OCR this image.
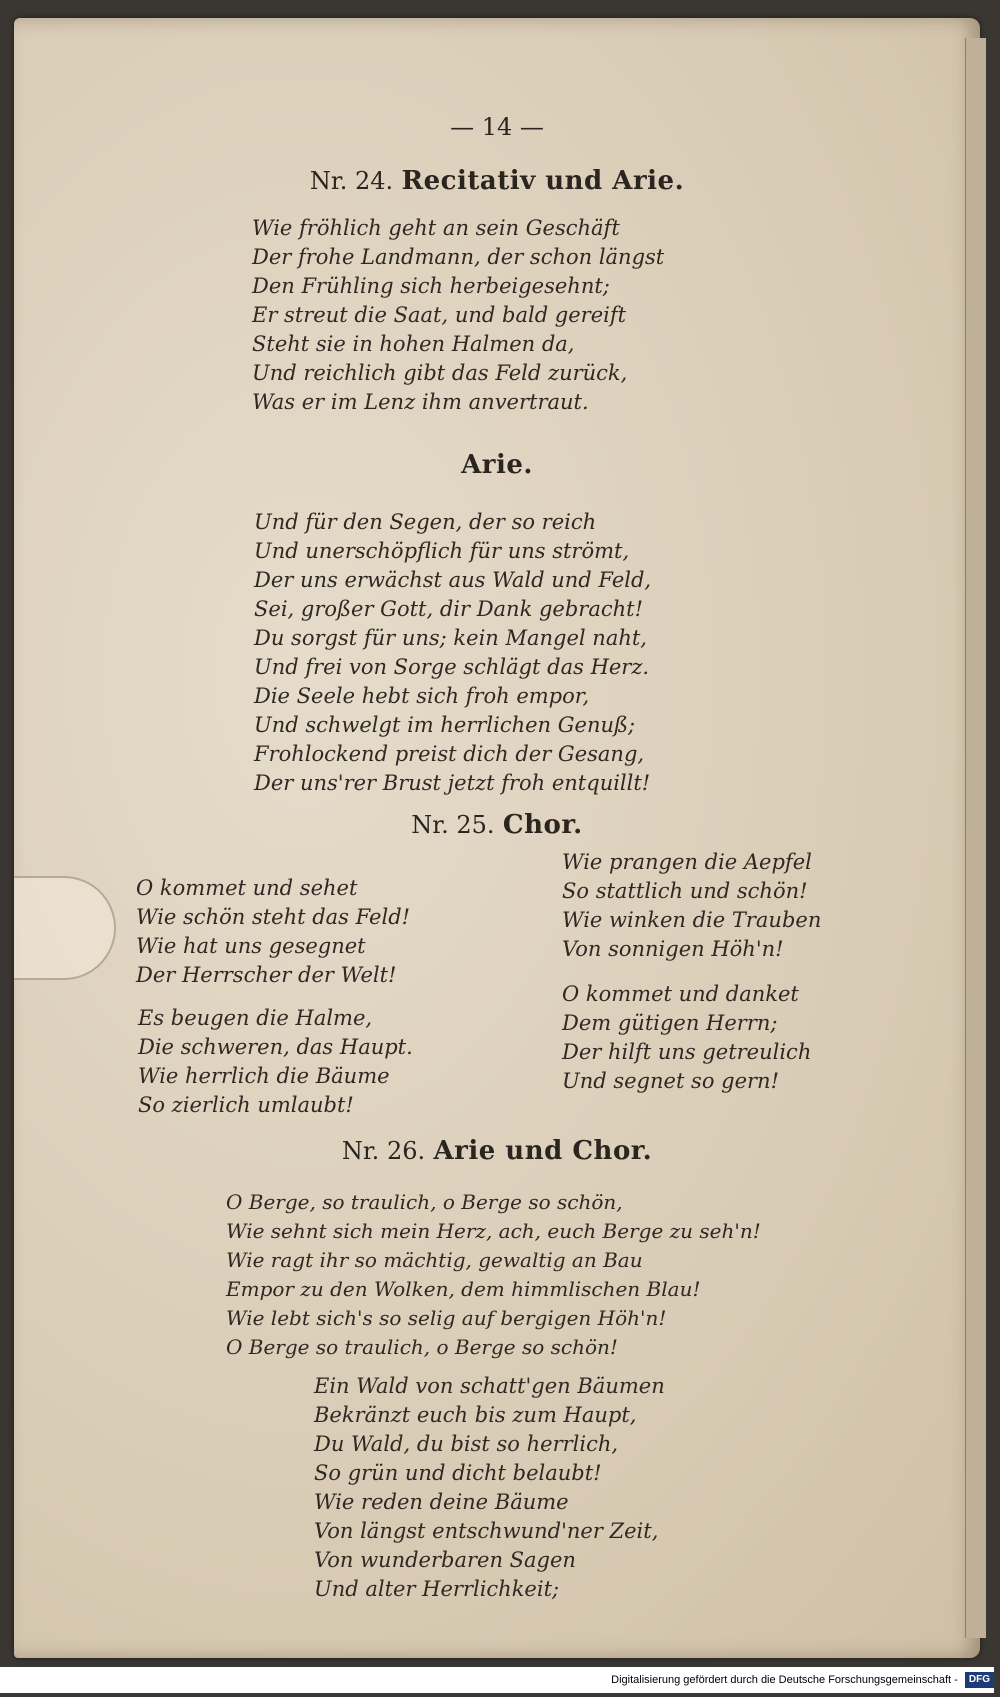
— 14 —
Nr. 24. Recitativ und Arie.

Wie fröhlich geht an sein Geschäft

Der frohe Landmann, der schon längst

Den Frühling sich herbeigesehnt;

Er streut die Saat, und bald gereift

Steht sie in hohen Halmen da,

Und reichlich gibt das Feld zurück,

Was er im Lenz ihm anvertraut.

Arie.

Und für den Segen, der so reich

Und unerschöpflich für uns strömt,

Der uns erwächst aus Wald und Feld,

Sei, großer Gott, dir Dank gebracht!

Du sorgst für uns; kein Mangel naht,

Und frei von Sorge schlägt das Herz.

Die Seele hebt sich froh empor,

Und schwelgt im herrlichen Genuß;

Frohlockend preist dich der Gesang,

Der uns'rer Brust jetzt froh entquillt!

Nr. 25. Chor.

O kommet und sehet

Wie schön steht das Feld!

Wie hat uns gesegnet

Der Herrscher der Welt!

Es beugen die Halme,

Die schweren, das Haupt.

Wie herrlich die Bäume

So zierlich umlaubt!

Wie prangen die Aepfel

So stattlich und schön!

Wie winken die Trauben

Von sonnigen Höh'n!

O kommet und danket

Dem gütigen Herrn;

Der hilft uns getreulich

Und segnet so gern!

Nr. 26. Arie und Chor.

O Berge, so traulich, o Berge so schön,

Wie sehnt sich mein Herz, ach, euch Berge zu seh'n!

Wie ragt ihr so mächtig, gewaltig an Bau

Empor zu den Wolken, dem himmlischen Blau!

Wie lebt sich's so selig auf bergigen Höh'n!

O Berge so traulich, o Berge so schön!

Ein Wald von schatt'gen Bäumen

Bekränzt euch bis zum Haupt,

Du Wald, du bist so herrlich,

So grün und dicht belaubt!

Wie reden deine Bäume

Von längst entschwund'ner Zeit,

Von wunderbaren Sagen

Und alter Herrlichkeit;

Digitalisierung gefördert durch die Deutsche Forschungsgemeinschaft - DFG
